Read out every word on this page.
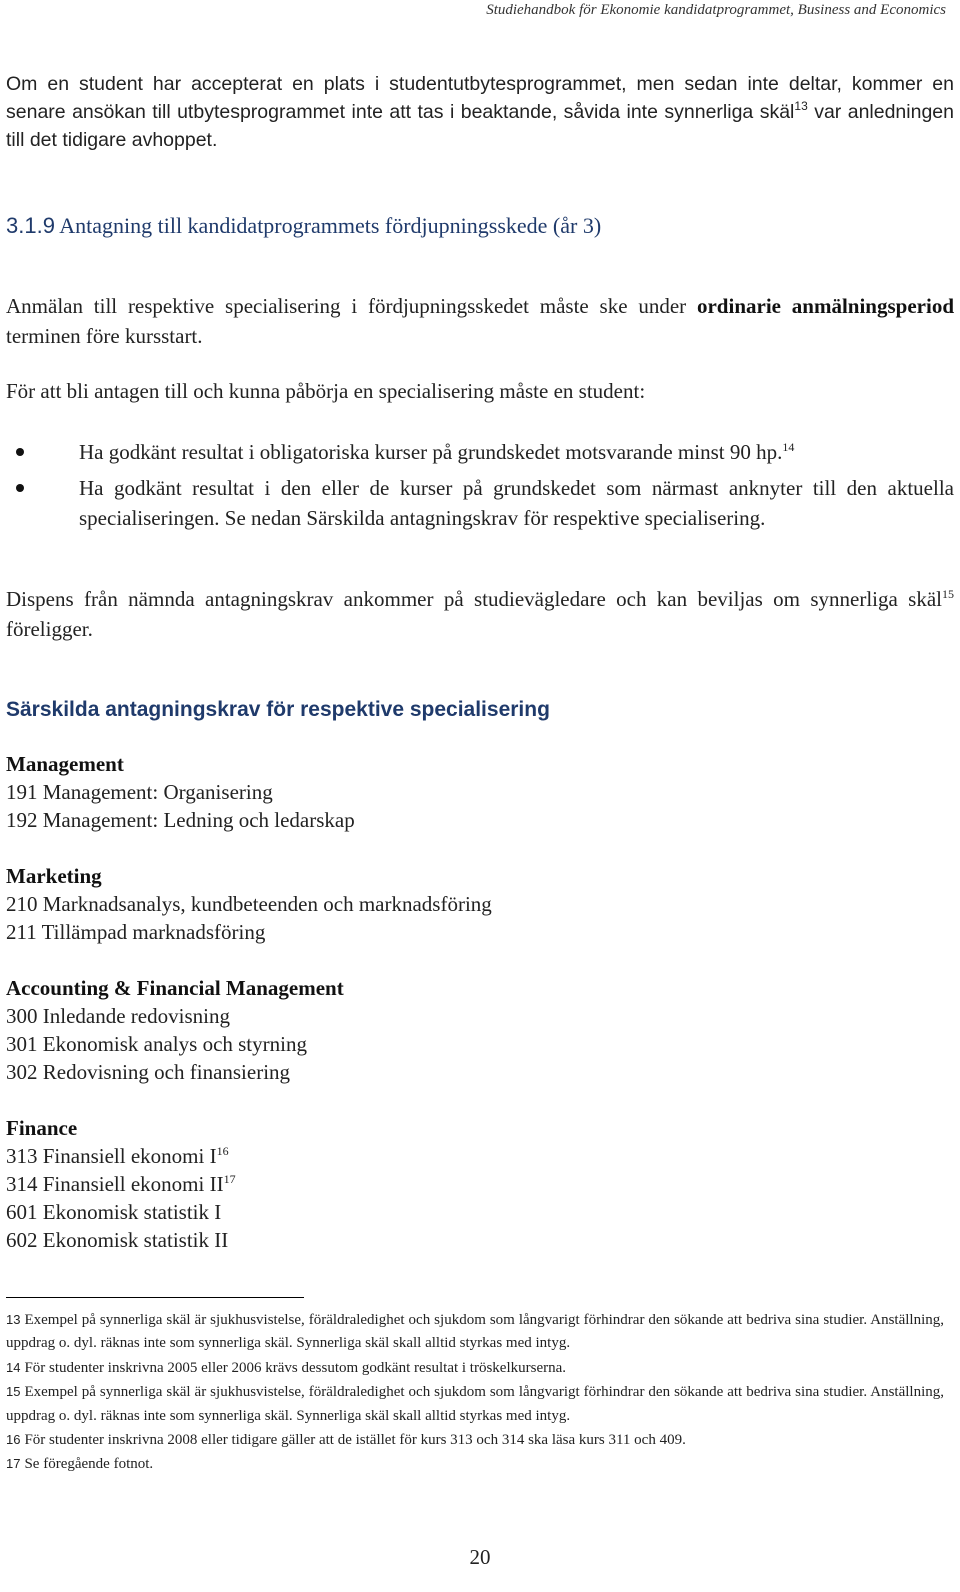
Studiehandbok för Ekonomie kandidatprogrammet, Business and Economics

Om en student har accepterat en plats i studentutbytesprogrammet, men sedan inte deltar, kommer en senare ansökan till utbytesprogrammet inte att tas i beaktande, såvida inte synnerliga skäl$^{13}$ var anledningen till det tidigare avhoppet.

3.1.9 Antagning till kandidatprogrammets fördjupningsskede (år 3)

Anmälan till respektive specialisering i fördjupningsskedet måste ske under ordinarie anmälningsperiod terminen före kursstart.

För att bli antagen till och kunna påbörja en specialisering måste en student:

Ha godkänt resultat i obligatoriska kurser på grundskedet motsvarande minst 90 hp.$^{14}$
Ha godkänt resultat i den eller de kurser på grundskedet som närmast anknyter till den aktuella specialiseringen. Se nedan Särskilda antagningskrav för respektive specialisering.

Dispens från nämnda antagningskrav ankommer på studievägledare och kan beviljas om synnerliga skäl$^{15}$ föreligger.

Särskilda antagningskrav för respektive specialisering
Management
191 Management: Organisering
192 Management: Ledning och ledarskap
Marketing
210 Marknadsanalys, kundbeteenden och marknadsföring
211 Tillämpad marknadsföring
Accounting & Financial Management
300 Inledande redovisning
301 Ekonomisk analys och styrning
302 Redovisning och finansiering
Finance
313 Finansiell ekonomi $I^{16}$
314 Finansiell ekonomi II$^{17}$
601 Ekonomisk statistik I
602 Ekonomisk statistik II
13 Exempel på synnerliga skäl är sjukhusvistelse, föräldraledighet och sjukdom som långvarigt förhindrar den sökande att bedriva sina studier. Anställning, uppdrag o. dyl. räknas inte som synnerliga skäl. Synnerliga skäl skall alltid styrkas med intyg.
14 För studenter inskrivna 2005 eller 2006 krävs dessutom godkänt resultat i tröskelkurserna.
15 Exempel på synnerliga skäl är sjukhusvistelse, föräldraledighet och sjukdom som långvarigt förhindrar den sökande att bedriva sina studier. Anställning, uppdrag o. dyl. räknas inte som synnerliga skäl. Synnerliga skäl skall alltid styrkas med intyg.
16 För studenter inskrivna 2008 eller tidigare gäller att de istället för kurs 313 och 314 ska läsa kurs 311 och 409.
17 Se föregående fotnot.
20
